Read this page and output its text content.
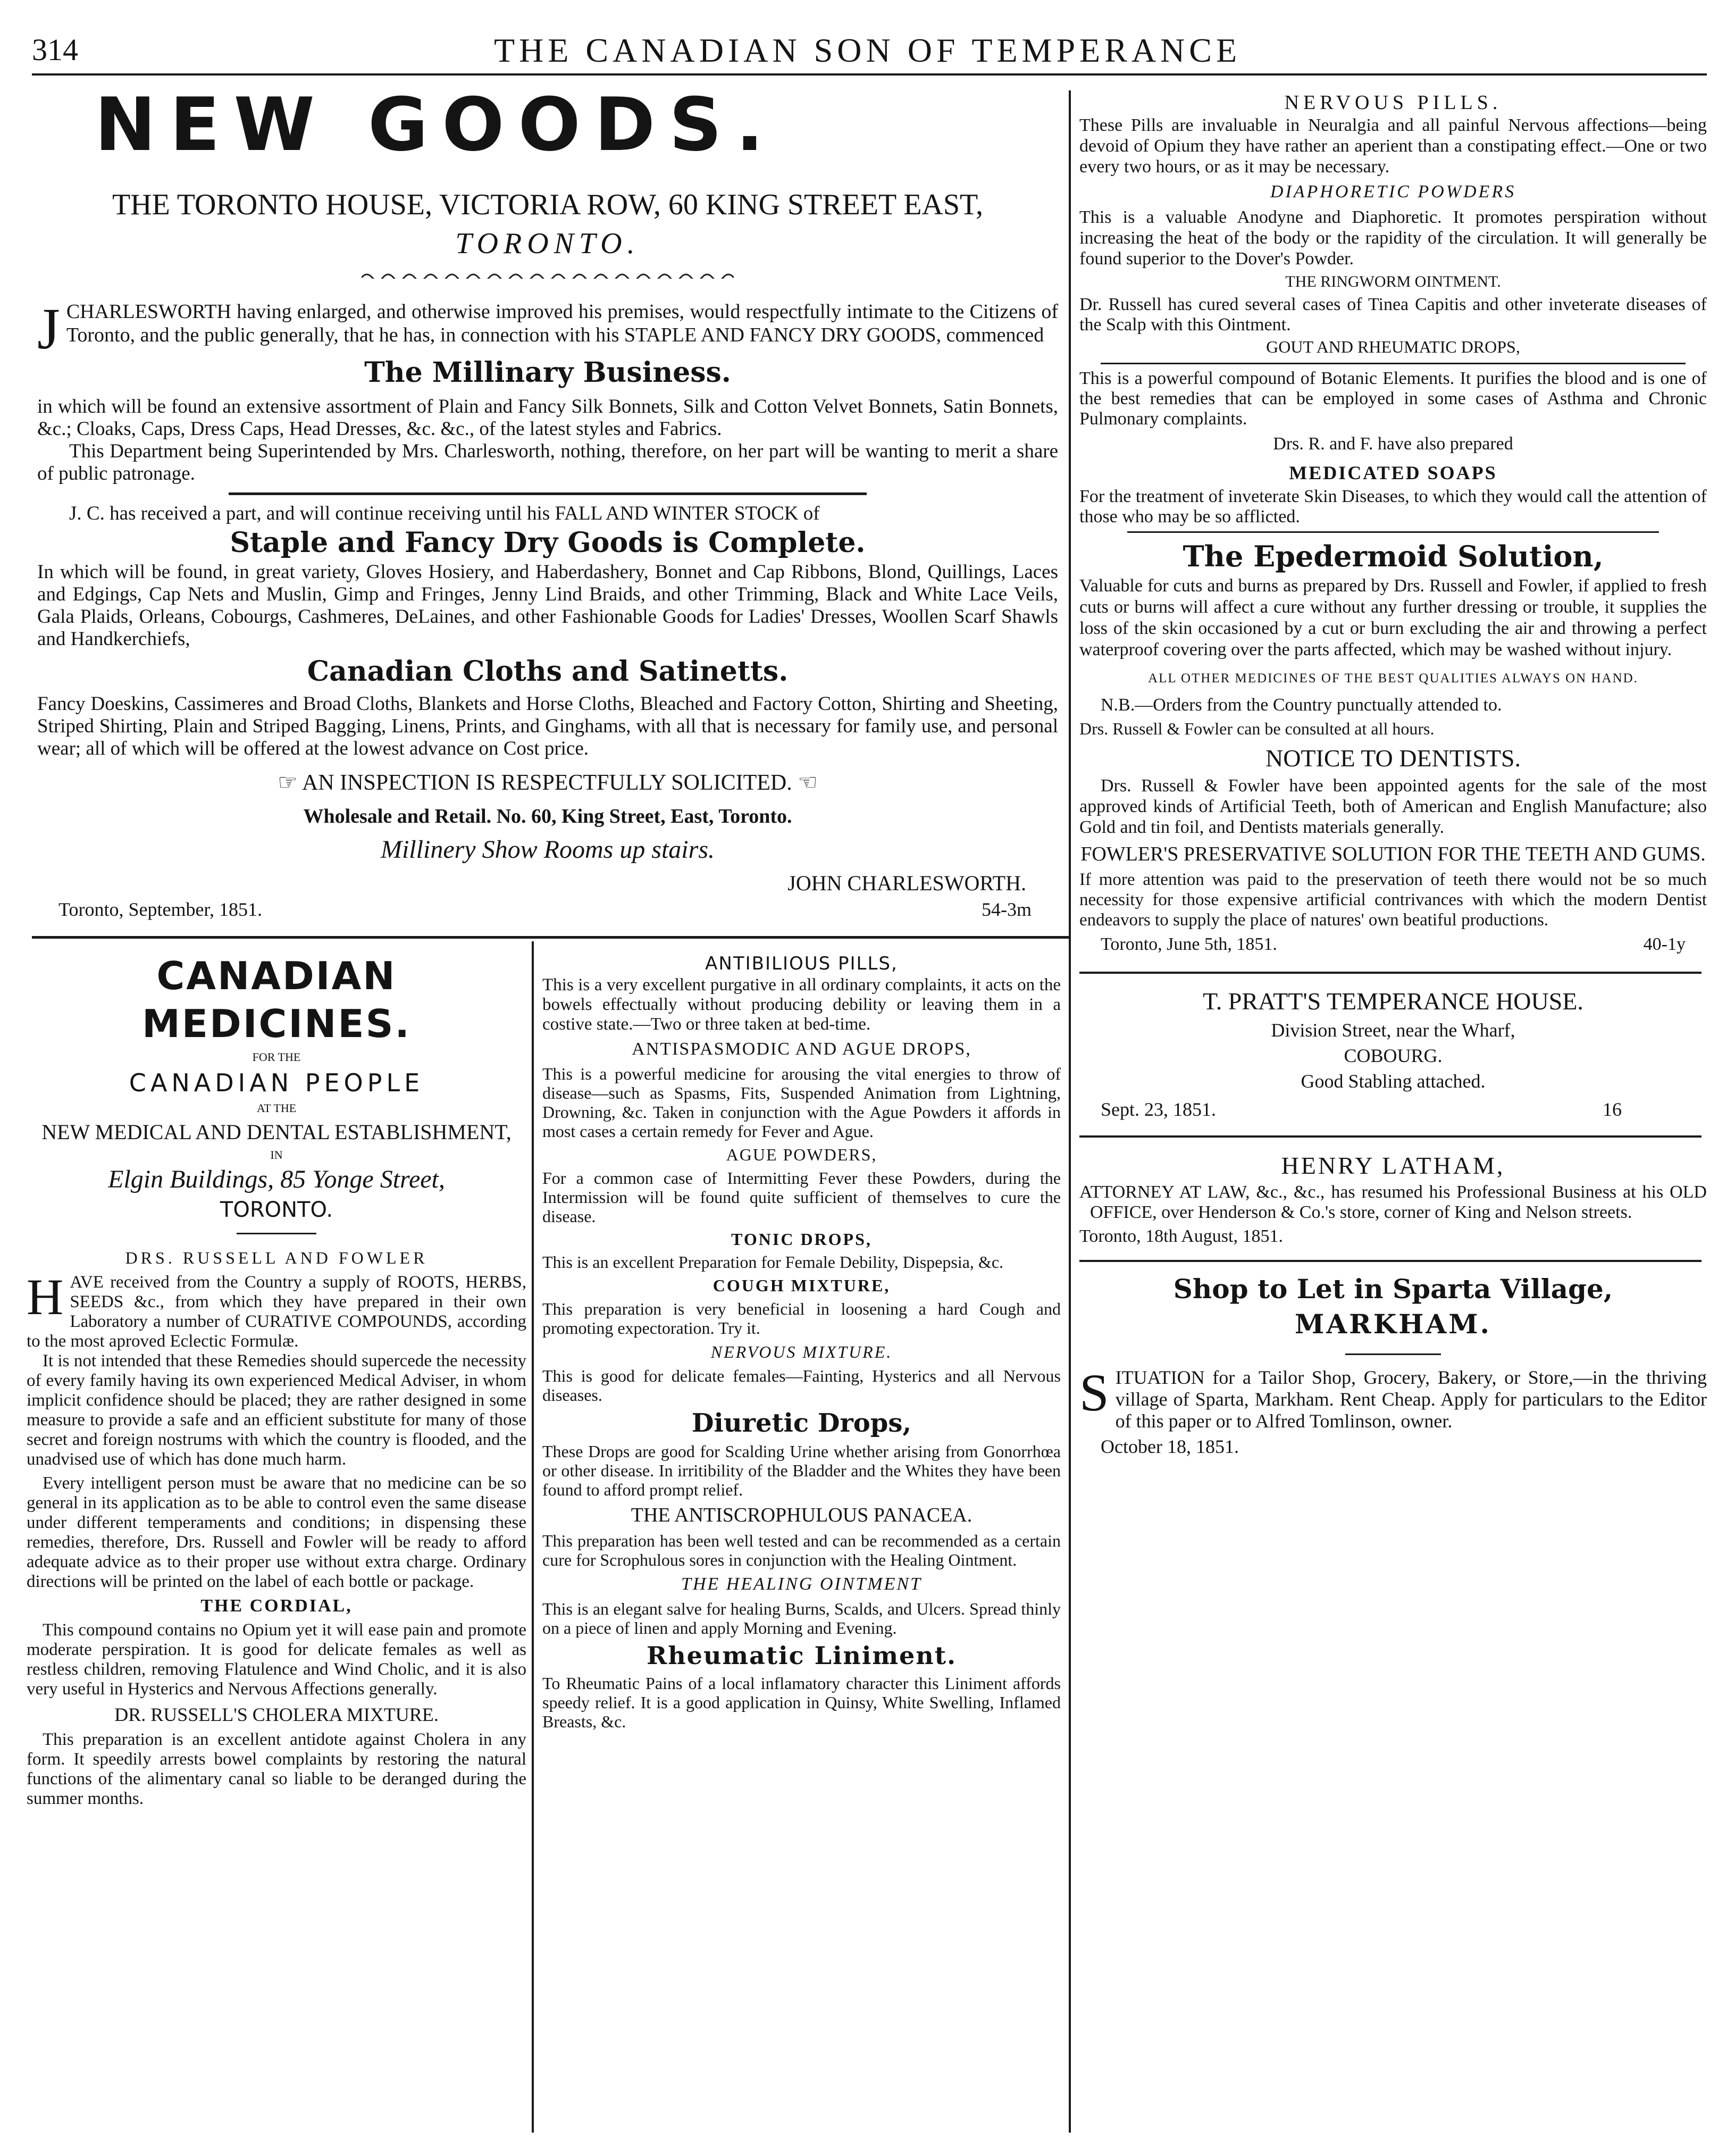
314	THE CANADIAN SON OF TEMPERANCE

NEW GOODS.

THE TORONTO HOUSE, VICTORIA ROW, 60 KING STREET EAST,

TORONTO.

J CHARLESWORTH having enlarged, and otherwise improved his premises, would respectfully intimate to the Citizens of Toronto, and the public generally, that he has, in connection with his STAPLE AND FANCY DRY GOODS, commenced

The Millinary Business.

in which will be found an extensive assortment of Plain and Fancy Silk Bonnets, Silk and Cotton Velvet Bonnets, Satin Bonnets, &c.; Cloaks, Caps, Dress Caps, Head Dresses, &c. &c., of the latest styles and Fabrics.

This Department being Superintended by Mrs. Charlesworth, nothing, therefore, on her part will be wanting to merit a share of public patronage.

J. C. has received a part, and will continue receiving until his FALL AND WINTER STOCK of

Staple and Fancy Dry Goods is Complete.

In which will be found, in great variety, Gloves Hosiery, and Haberdashery, Bonnet and Cap Ribbons, Blond, Quillings, Laces and Edgings, Cap Nets and Muslin, Gimp and Fringes, Jenny Lind Braids, and other Trimming, Black and White Lace Veils, Gala Plaids, Orleans, Cobourgs, Cashmeres, DeLaines, and other Fashionable Goods for Ladies' Dresses, Woollen Scarf Shawls and Handkerchiefs,

Canadian Cloths and Satinetts.

Fancy Doeskins, Cassimeres and Broad Cloths, Blankets and Horse Cloths, Bleached and Factory Cotton, Shirting and Sheeting, Striped Shirting, Plain and Striped Bagging, Linens, Prints, and Ginghams, with all that is necessary for family use, and personal wear; all of which will be offered at the lowest advance on Cost price.

☞ AN INSPECTION IS RESPECTFULLY SOLICITED. ☜

Wholesale and Retail. No. 60, King Street, East, Toronto.

Millinery Show Rooms up stairs.

JOHN CHARLESWORTH.

Toronto, September, 1851.	54-3m

NERVOUS PILLS.

These Pills are invaluable in Neuralgia and all painful Nervous affections—being devoid of Opium they have rather an aperient than a constipating effect.—One or two every two hours, or as it may be necessary.

DIAPHORETIC POWDERS

This is a valuable Anodyne and Diaphoretic. It promotes perspiration without increasing the heat of the body or the rapidity of the circulation. It will generally be found superior to the Dover's Powder.

THE RINGWORM OINTMENT.

Dr. Russell has cured several cases of Tinea Capitis and other inveterate diseases of the Scalp with this Ointment.

GOUT AND RHEUMATIC DROPS,

This is a powerful compound of Botanic Elements. It purifies the blood and is one of the best remedies that can be employed in some cases of Asthma and Chronic Pulmonary complaints.

Drs. R. and F. have also prepared

MEDICATED SOAPS

For the treatment of inveterate Skin Diseases, to which they would call the attention of those who may be so afflicted.

The Epedermoid Solution,

Valuable for cuts and burns as prepared by Drs. Russell and Fowler, if applied to fresh cuts or burns will affect a cure without any further dressing or trouble, it supplies the loss of the skin occasioned by a cut or burn excluding the air and throwing a perfect waterproof covering over the parts affected, which may be washed without injury.

ALL OTHER MEDICINES OF THE BEST QUALITIES ALWAYS ON HAND.

N.B.—Orders from the Country punctually attended to.

Drs. Russell & Fowler can be consulted at all hours.

NOTICE TO DENTISTS.

Drs. Russell & Fowler have been appointed agents for the sale of the most approved kinds of Artificial Teeth, both of American and English Manufacture; also Gold and tin foil, and Dentists materials generally.

FOWLER'S PRESERVATIVE SOLUTION FOR THE TEETH AND GUMS.

If more attention was paid to the preservation of teeth there would not be so much necessity for those expensive artificial contrivances with which the modern Dentist endeavors to supply the place of natures' own beatiful productions.

Toronto, June 5th, 1851.	40-1y

T. PRATT'S TEMPERANCE HOUSE.

Division Street, near the Wharf,

COBOURG.

Good Stabling attached.

Sept. 23, 1851.	16

HENRY LATHAM,

ATTORNEY AT LAW, &c., &c., has resumed his Professional Business at his OLD OFFICE, over Henderson & Co.'s store, corner of King and Nelson streets.

Toronto, 18th August, 1851.

Shop to Let in Sparta Village,

MARKHAM.

S ITUATION for a Tailor Shop, Grocery, Bakery, or Store,—in the thriving village of Sparta, Markham. Rent Cheap. Apply for particulars to the Editor of this paper or to Alfred Tomlinson, owner.

October 18, 1851.

CANADIAN MEDICINES.

FOR THE

CANADIAN PEOPLE

AT THE

NEW MEDICAL AND DENTAL ESTABLISHMENT,

IN

Elgin Buildings, 85 Yonge Street,

TORONTO.

DRS. RUSSELL AND FOWLER

H AVE received from the Country a supply of ROOTS, HERBS, SEEDS &c., from which they have prepared in their own Laboratory a number of CURATIVE COMPOUNDS, according to the most aproved Eclectic Formulæ.

It is not intended that these Remedies should supercede the necessity of every family having its own experienced Medical Adviser, in whom implicit confidence should be placed; they are rather designed in some measure to provide a safe and an efficient substitute for many of those secret and foreign nostrums with which the country is flooded, and the unadvised use of which has done much harm.

Every intelligent person must be aware that no medicine can be so general in its application as to be able to control even the same disease under different temperaments and conditions; in dispensing these remedies, therefore, Drs. Russell and Fowler will be ready to afford adequate advice as to their proper use without extra charge. Ordinary directions will be printed on the label of each bottle or package.

THE CORDIAL,

This compound contains no Opium yet it will ease pain and promote moderate perspiration. It is good for delicate females as well as restless children, removing Flatulence and Wind Cholic, and it is also very useful in Hysterics and Nervous Affections generally.

DR. RUSSELL'S CHOLERA MIXTURE.

This preparation is an excellent antidote against Cholera in any form. It speedily arrests bowel complaints by restoring the natural functions of the alimentary canal so liable to be deranged during the summer months.

ANTIBILIOUS PILLS,

This is a very excellent purgative in all ordinary complaints, it acts on the bowels effectually without producing debility or leaving them in a costive state.—Two or three taken at bed-time.

ANTISPASMODIC AND AGUE DROPS,

This is a powerful medicine for arousing the vital energies to throw of disease—such as Spasms, Fits, Suspended Animation from Lightning, Drowning, &c. Taken in conjunction with the Ague Powders it affords in most cases a certain remedy for Fever and Ague.

AGUE POWDERS,

For a common case of Intermitting Fever these Powders, during the Intermission will be found quite sufficient of themselves to cure the disease.

TONIC DROPS,

This is an excellent Preparation for Female Debility, Dispepsia, &c.

COUGH MIXTURE,

This preparation is very beneficial in loosening a hard Cough and promoting expectoration. Try it.

NERVOUS MIXTURE.

This is good for delicate females—Fainting, Hysterics and all Nervous diseases.

Diuretic Drops,

These Drops are good for Scalding Urine whether arising from Gonorrhœa or other disease. In irritibility of the Bladder and the Whites they have been found to afford prompt relief.

THE ANTISCROPHULOUS PANACEA.

This preparation has been well tested and can be recommended as a certain cure for Scrophulous sores in conjunction with the Healing Ointment.

THE HEALING OINTMENT

This is an elegant salve for healing Burns, Scalds, and Ulcers. Spread thinly on a piece of linen and apply Morning and Evening.

Rheumatic Liniment.

To Rheumatic Pains of a local inflamatory character this Liniment affords speedy relief. It is a good application in Quinsy, White Swelling, Inflamed Breasts, &c.
